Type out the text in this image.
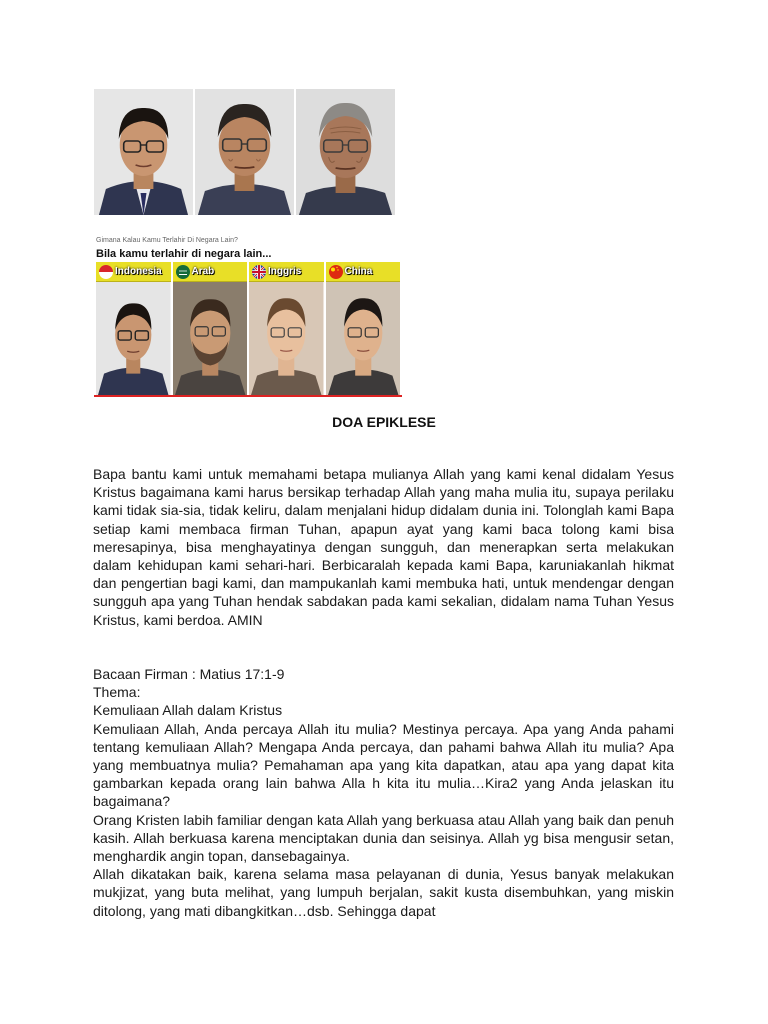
Gimana Kalau Kamu Terlahir Di Negara Lain?
Bila kamu terlahir di negara lain...
Indonesia	Arab	Inggris	China
DOA EPIKLESE

Bapa bantu kami untuk memahami betapa mulianya Allah yang kami kenal didalam Yesus Kristus bagaimana kami harus bersikap terhadap Allah yang maha mulia itu, supaya perilaku kami tidak sia-sia, tidak keliru, dalam menjalani hidup didalam dunia ini. Tolonglah kami Bapa setiap kami membaca firman Tuhan, apapun ayat yang kami baca tolong kami bisa meresapinya, bisa menghayatinya dengan sungguh, dan menerapkan serta melakukan dalam kehidupan kami sehari-hari. Berbicaralah kepada kami Bapa, karuniakanlah hikmat dan pengertian bagi kami, dan mampukanlah kami membuka hati, untuk mendengar dengan sungguh apa yang Tuhan hendak sabdakan pada kami sekalian, didalam nama Tuhan Yesus Kristus, kami berdoa. AMIN

Bacaan Firman : Matius 17:1-9

Thema:

Kemuliaan Allah dalam Kristus

Kemuliaan Allah, Anda percaya Allah itu mulia? Mestinya percaya. Apa yang Anda pahami tentang kemuliaan Allah? Mengapa Anda percaya, dan pahami bahwa Allah itu mulia? Apa yang membuatnya mulia? Pemahaman apa yang kita dapatkan, atau apa yang dapat kita gambarkan kepada orang lain bahwa Alla h kita itu mulia…Kira2 yang Anda jelaskan itu bagaimana?

Orang Kristen labih familiar dengan kata Allah yang berkuasa atau Allah yang baik dan penuh kasih. Allah berkuasa karena menciptakan dunia dan seisinya. Allah yg bisa mengusir setan, menghardik angin topan, dansebagainya.

Allah dikatakan baik, karena selama masa pelayanan di dunia, Yesus banyak melakukan mukjizat, yang buta melihat, yang lumpuh berjalan, sakit kusta disembuhkan, yang miskin ditolong, yang mati dibangkitkan…dsb. Sehingga dapat
